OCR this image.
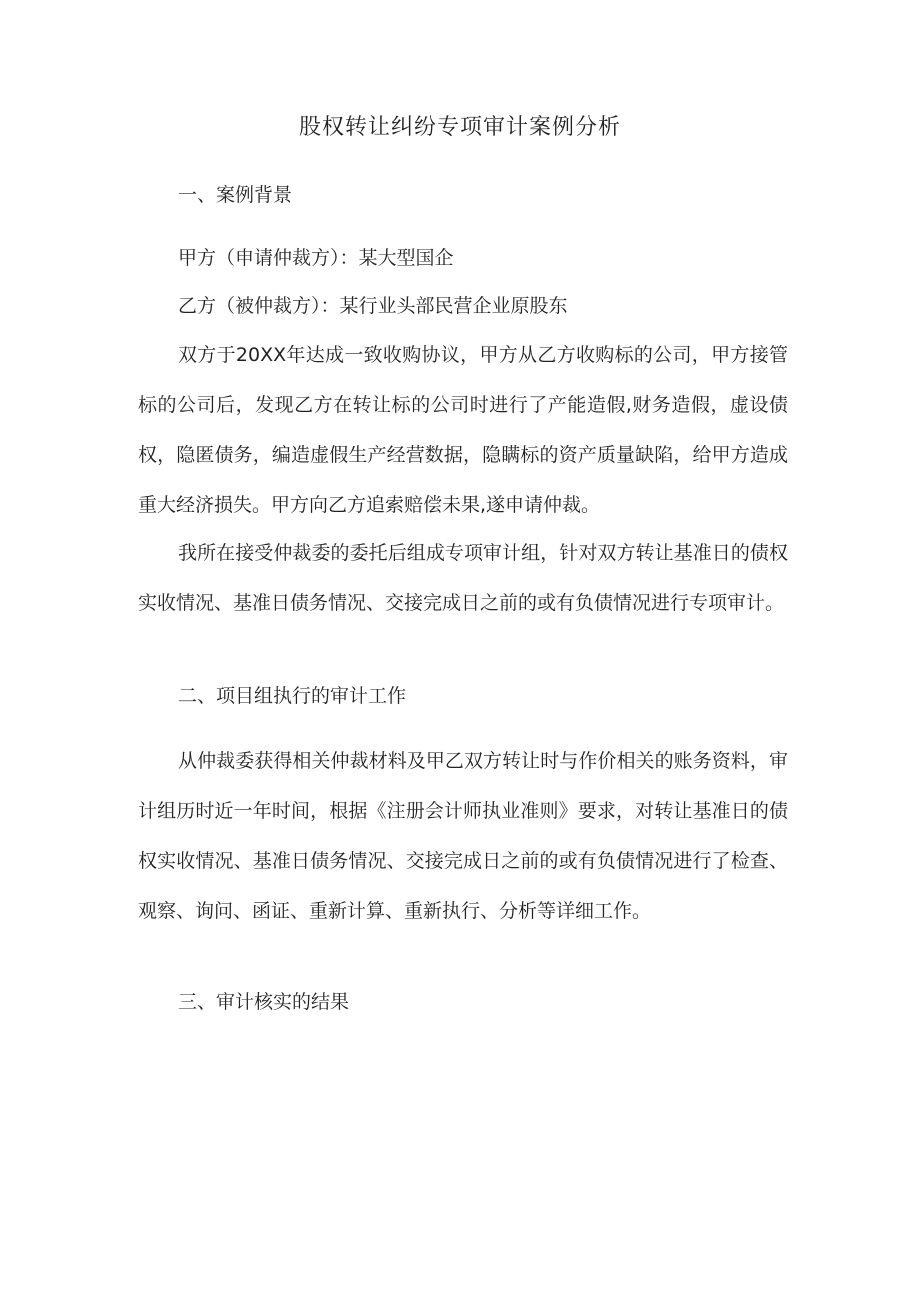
股权转让纠纷专项审计案例分析

一、案例背景

甲方（申请仲裁方）：某大型国企

乙方（被仲裁方）：某行业头部民营企业原股东

双方于20XX年达成一致收购协议，甲方从乙方收购标的公司，甲方接管标的公司后，发现乙方在转让标的公司时进行了产能造假,财务造假，虚设债权，隐匿债务，编造虚假生产经营数据，隐瞒标的资产质量缺陷，给甲方造成重大经济损失。甲方向乙方追索赔偿未果,遂申请仲裁。

我所在接受仲裁委的委托后组成专项审计组，针对双方转让基准日的债权实收情况、基准日债务情况、交接完成日之前的或有负债情况进行专项审计。

二、项目组执行的审计工作

从仲裁委获得相关仲裁材料及甲乙双方转让时与作价相关的账务资料，审计组历时近一年时间，根据《注册会计师执业准则》要求，对转让基准日的债权实收情况、基准日债务情况、交接完成日之前的或有负债情况进行了检查、观察、询问、函证、重新计算、重新执行、分析等详细工作。

三、审计核实的结果
